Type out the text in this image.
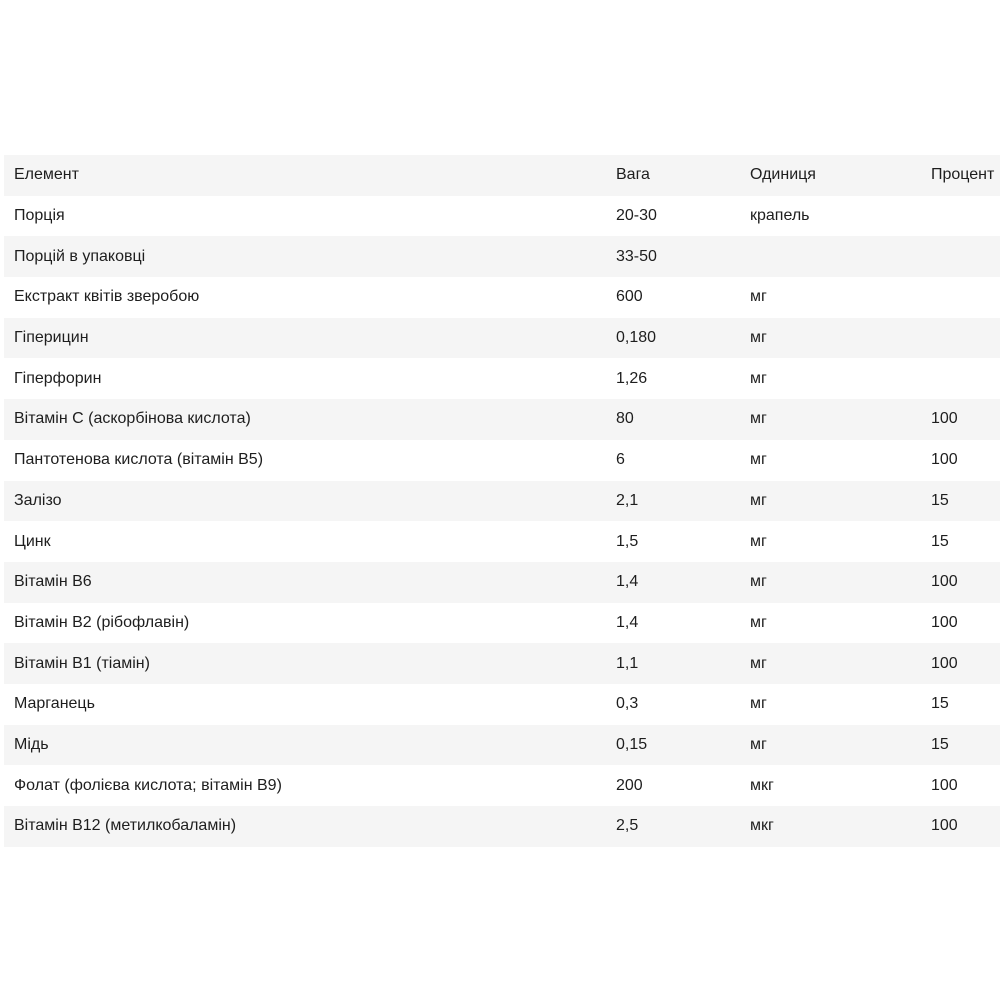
Елемент	Вага	Одиниця	Процент
Порція	20-30	крапель
Порцій в упаковці	33-50
Екстракт квітів звеpобою	600	мг
Гіперицин	0,180	мг
Гіперфорин	1,26	мг
Вітамін C (аскорбінова кислота)	80	мг	100
Пантотенова кислота (вітамін B5)	6	мг	100
Залізо	2,1	мг	15
Цинк	1,5	мг	15
Вітамін B6	1,4	мг	100
Вітамін B2 (рібофлавін)	1,4	мг	100
Вітамін B1 (тіамін)	1,1	мг	100
Марганець	0,3	мг	15
Мідь	0,15	мг	15
Фолат (фолієва кислота; вітамін B9)	200	мкг	100
Вітамін B12 (метилкобаламін)	2,5	мкг	100
